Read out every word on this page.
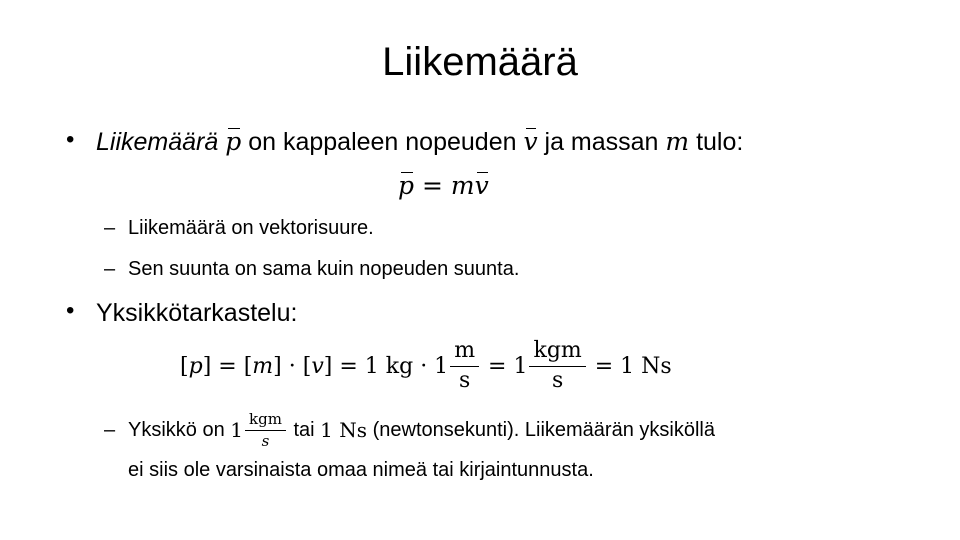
Liikemäärä
• Liikemäärä p on kappaleen nopeuden v ja massan m tulo:
p = mv
– Liikemäärä on vektorisuure.
– Sen suunta on sama kuin nopeuden suunta.
• Yksikkötarkastelu:
[ p ] = [ m ] · [ v ] = 1 kg · $1 \frac{m}{s} = 1 \frac{\text{kgm}}{s} = 1$ Ns
– Yksikkö on $1 \frac{\text{kgm}}{s}$ tai 1 Ns (newtonsekunti). Liikemäärän yksiköllä
ei siis ole varsinaista omaa nimeä tai kirjaintunnusta.
